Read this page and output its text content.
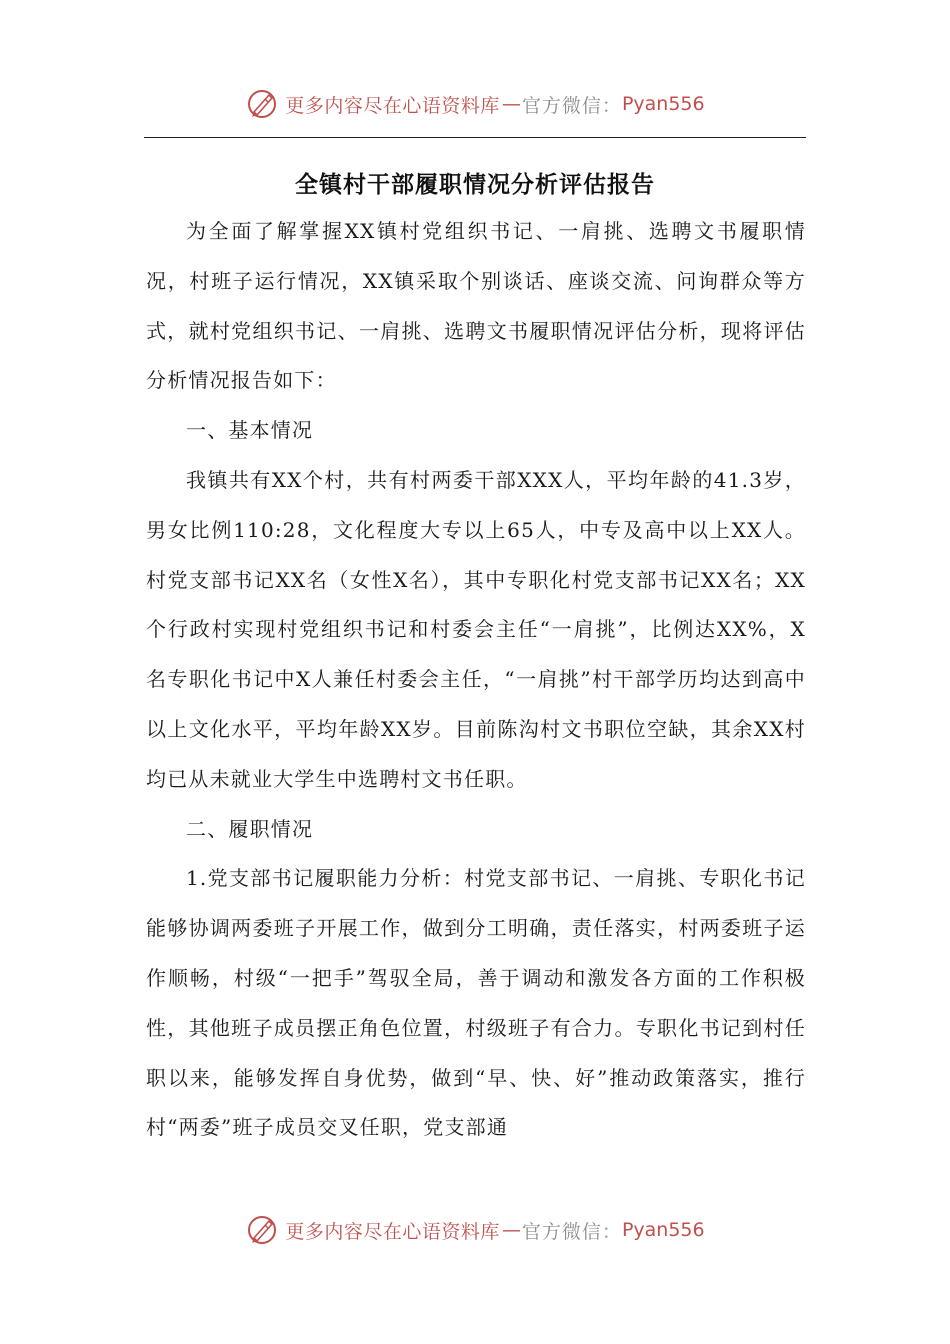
更多内容尽在心语资料库 — 官方微信： Pyan556
全镇村干部履职情况分析评估报告

为全面了解掌握XX镇村党组织书记、一肩挑、选聘文书履职情况，村班子运行情况，XX镇采取个别谈话、座谈交流、问询群众等方式，就村党组织书记、一肩挑、选聘文书履职情况评估分析，现将评估分析情况报告如下：

一、基本情况

我镇共有XX个村，共有村两委干部XXX人，平均年龄的41.3岁，男女比例110:28，文化程度大专以上65人，中专及高中以上XX人。村党支部书记XX名（女性X名），其中专职化村党支部书记XX名；XX个行政村实现村党组织书记和村委会主任“一肩挑”，比例达XX%，X名专职化书记中X人兼任村委会主任，“一肩挑”村干部学历均达到高中以上文化水平，平均年龄XX岁。目前陈沟村文书职位空缺，其余XX村均已从未就业大学生中选聘村文书任职。

二、履职情况

1.党支部书记履职能力分析：村党支部书记、一肩挑、专职化书记能够协调两委班子开展工作，做到分工明确，责任落实，村两委班子运作顺畅，村级“一把手”驾驭全局，善于调动和激发各方面的工作积极性，其他班子成员摆正角色位置，村级班子有合力。专职化书记到村任职以来，能够发挥自身优势，做到“早、快、好”推动政策落实，推行村“两委”班子成员交叉任职，党支部通

更多内容尽在心语资料库 — 官方微信： Pyan556
